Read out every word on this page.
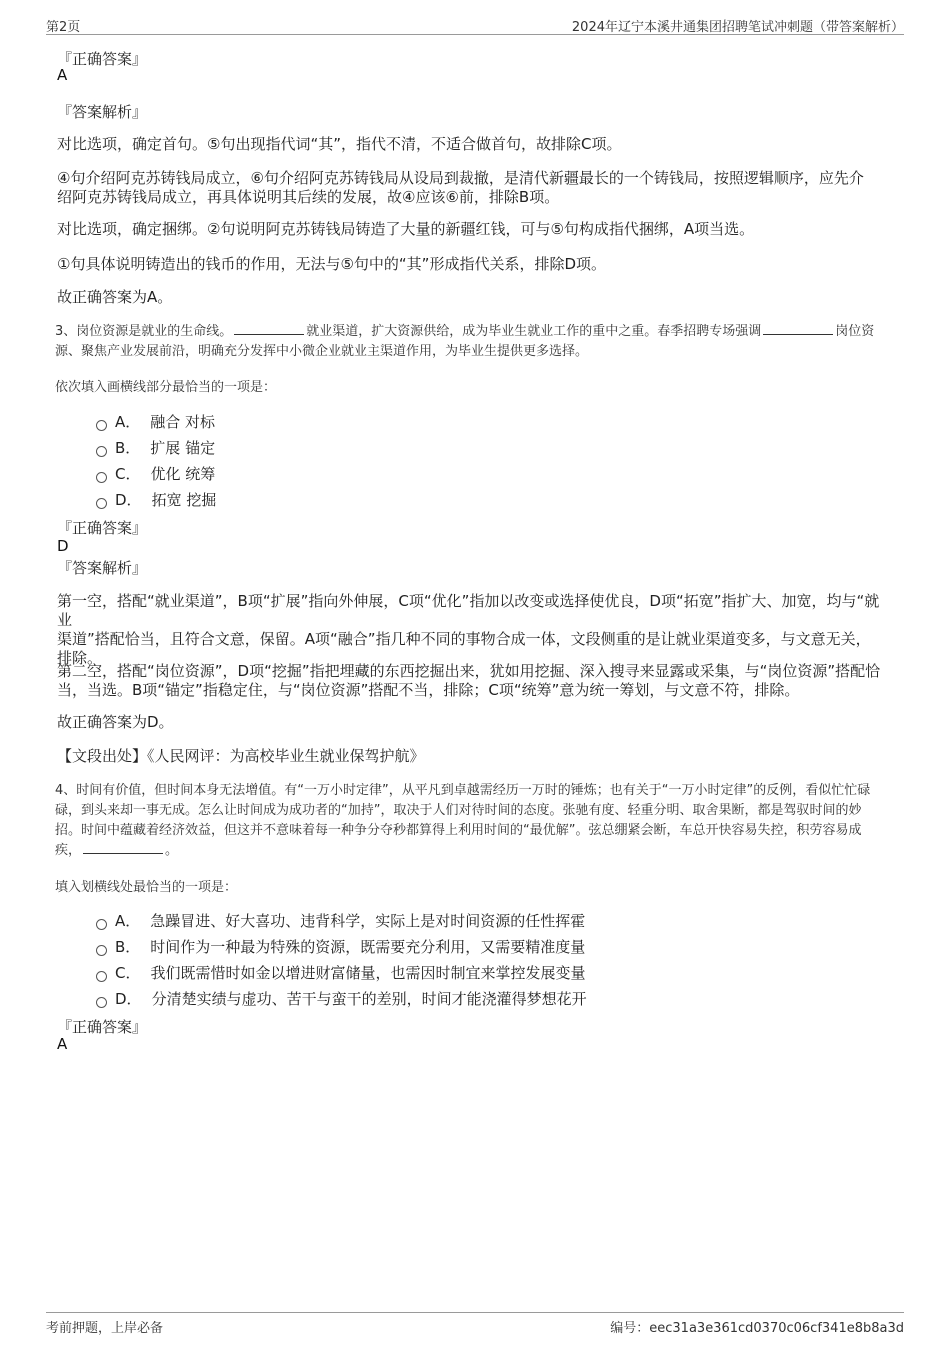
第2页	2024年辽宁本溪井通集团招聘笔试冲刺题（带答案解析）
『正确答案』
A
『答案解析』
对比选项，确定首句。⑤句出现指代词“其”，指代不清，不适合做首句，故排除C项。
④句介绍阿克苏铸钱局成立，⑥句介绍阿克苏铸钱局从设局到裁撤，是清代新疆最长的一个铸钱局，按照逻辑顺序，应先介
绍阿克苏铸钱局成立，再具体说明其后续的发展，故④应该⑥前，排除B项。
对比选项，确定捆绑。②句说明阿克苏铸钱局铸造了大量的新疆红钱，可与⑤句构成指代捆绑，A项当选。
①句具体说明铸造出的钱币的作用，无法与⑤句中的“其”形成指代关系，排除D项。
故正确答案为A。
3、岗位资源是就业的生命线。	就业渠道，扩大资源供给，成为毕业生就业工作的重中之重。春季招聘专场强调	岗位资
源、聚焦产业发展前沿，明确充分发挥中小微企业就业主渠道作用，为毕业生提供更多选择。
依次填入画横线部分最恰当的一项是：
A． 融合 对标
B． 扩展 锚定
C． 优化 统筹
D． 拓宽 挖掘
『正确答案』
D
『答案解析』
第一空，搭配“就业渠道”，B项“扩展”指向外伸展，C项“优化”指加以改变或选择使优良，D项“拓宽”指扩大、加宽，均与“就业
渠道”搭配恰当，且符合文意，保留。A项“融合”指几种不同的事物合成一体，文段侧重的是让就业渠道变多，与文意无关，
排除。
第二空，搭配“岗位资源”，D项“挖掘”指把埋藏的东西挖掘出来，犹如用挖掘、深入搜寻来显露或采集，与“岗位资源”搭配恰
当，当选。B项“锚定”指稳定住，与“岗位资源”搭配不当，排除；C项“统筹”意为统一筹划，与文意不符，排除。
故正确答案为D。
【文段出处】《人民网评：为高校毕业生就业保驾护航》
4、时间有价值，但时间本身无法增值。有“一万小时定律”，从平凡到卓越需经历一万时的锤炼；也有关于“一万小时定律”的反例，看似忙忙碌
碌，到头来却一事无成。怎么让时间成为成功者的“加持”，取决于人们对待时间的态度。张驰有度、轻重分明、取舍果断，都是驾驭时间的妙
招。时间中蕴藏着经济效益，但这并不意味着每一种争分夺秒都算得上利用时间的“最优解”。弦总绷紧会断，车总开快容易失控，积劳容易成
疾，	。
填入划横线处最恰当的一项是：
A． 急躁冒进、好大喜功、违背科学，实际上是对时间资源的任性挥霍
B． 时间作为一种最为特殊的资源，既需要充分利用，又需要精准度量
C． 我们既需惜时如金以增进财富储量，也需因时制宜来掌控发展变量
D． 分清楚实绩与虚功、苦干与蛮干的差别，时间才能浇灌得梦想花开
『正确答案』
A
考前押题，上岸必备	编号：eec31a3e361cd0370c06cf341e8b8a3d
